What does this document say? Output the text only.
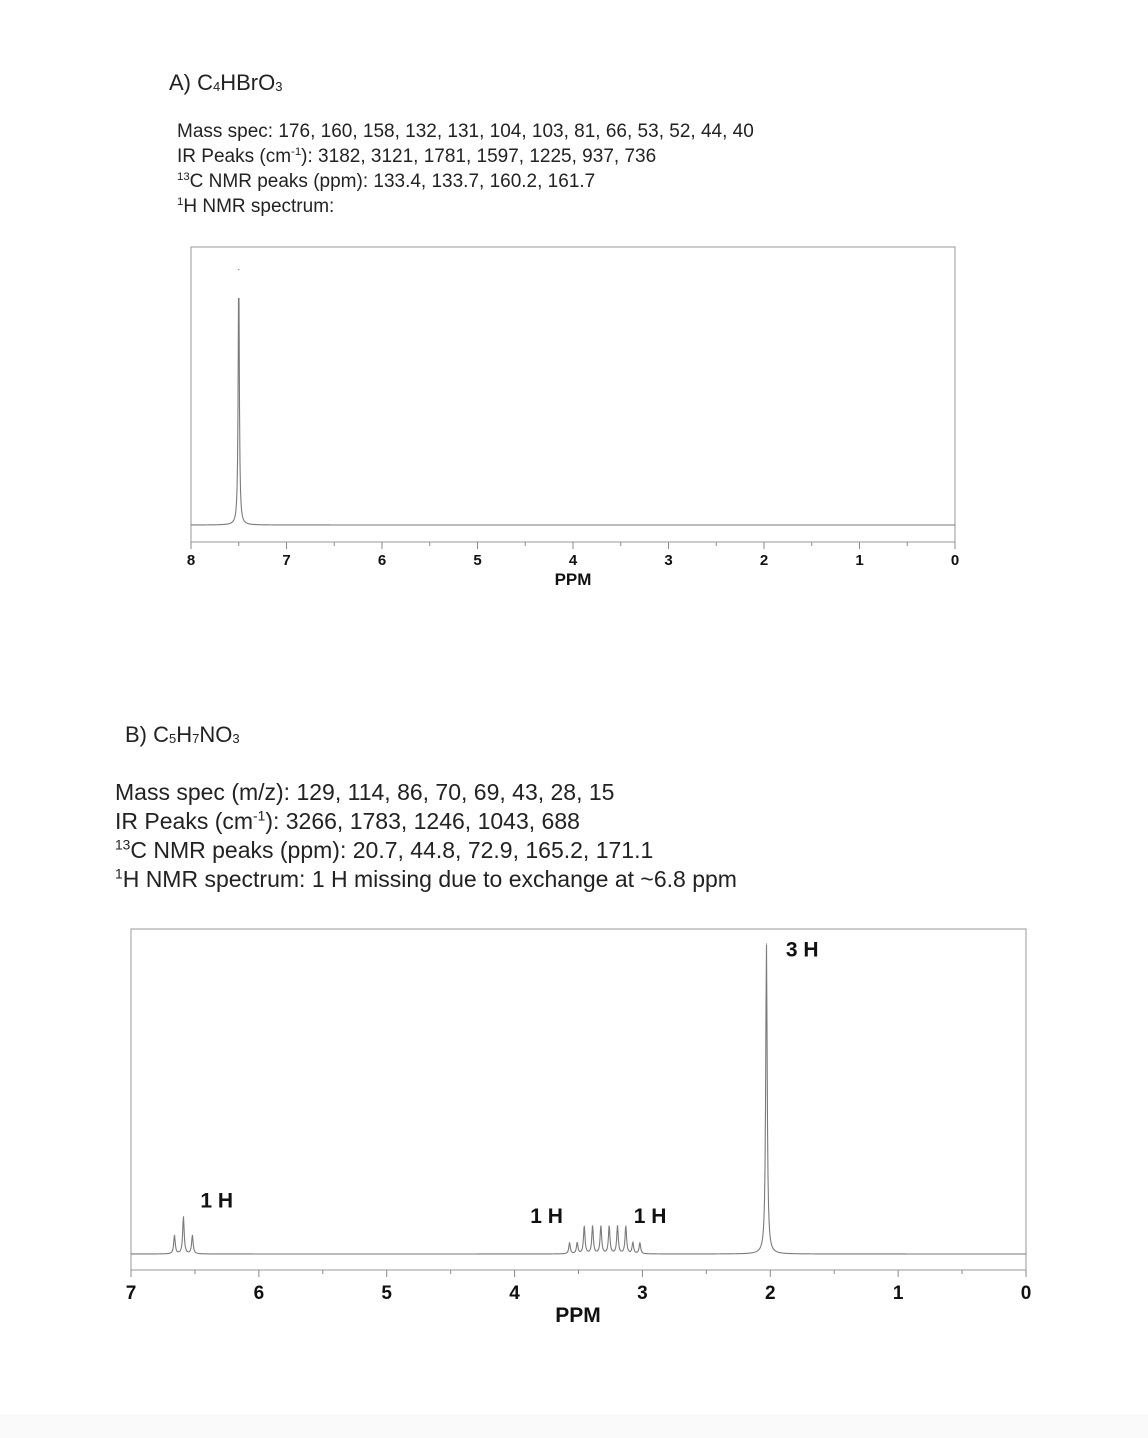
A) $C_4HBrO_3$
Mass spec: 176, 160, 158, 132, 131, 104, 103, 81, 66, 53, 52, 44, 40
IR Peaks $(cm^{-1})$: 3182, 3121, 1781, 1597, 1225, 937, 736
$^{13}$C NMR peaks (ppm): 133.4, 133.7, 160.2, 161.7
$^1$H NMR spectrum:
8	7	6	5	4	3	2	1	0
PPM
B) $C_5H_7NO_3$
Mass spec (m/z): 129, 114, 86, 70, 69, 43, 28, 15
IR Peaks $(cm^{-1})$: 3266, 1783, 1246, 1043, 688
$^{13}$C NMR peaks (ppm): 20.7, 44.8, 72.9, 165.2, 171.1
$^1$H NMR spectrum: 1 H missing due to exchange at ~6.8 ppm
7	6	5	4	3	2	1	0
PPM
1 H
1 H	1 H
3 H
